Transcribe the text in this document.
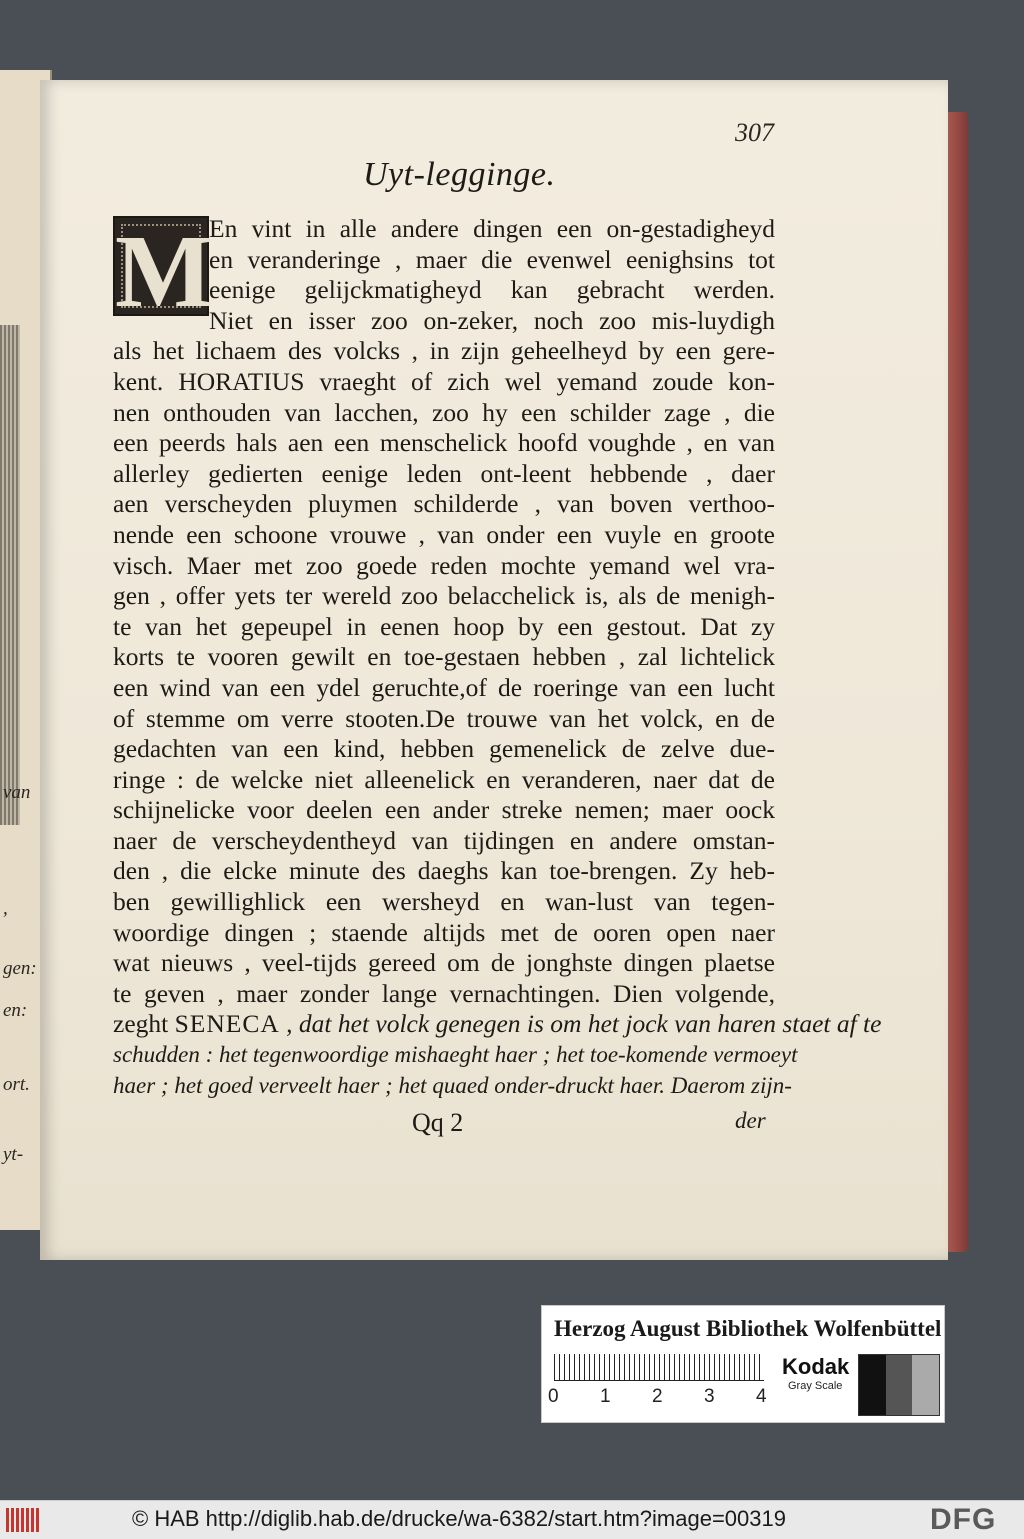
van
,
gen:
en:
ort.
yt-
307
Uyt-legginge.
M
En vint in alle andere dingen een on-gestadigheyd
en veranderinge , maer die evenwel eenighsins tot
eenige gelijckmatigheyd kan gebracht werden.
Niet en isser zoo on-zeker, noch zoo mis-luydigh
als het lichaem des volcks , in zijn geheelheyd by een gere-
kent. HORATIUS vraeght of zich wel yemand zoude kon-
nen onthouden van lacchen, zoo hy een schilder zage , die
een peerds hals aen een menschelick hoofd voughde , en van
allerley gedierten eenige leden ont-leent hebbende , daer
aen verscheyden pluymen schilderde , van boven verthoo-
nende een schoone vrouwe , van onder een vuyle en groote
visch. Maer met zoo goede reden mochte yemand wel vra-
gen , offer yets ter wereld zoo belacchelick is, als de menigh-
te van het gepeupel in eenen hoop by een gestout. Dat zy
korts te vooren gewilt en toe-gestaen hebben , zal lichtelick
een wind van een ydel geruchte,of de roeringe van een lucht
of stemme om verre stooten.De trouwe van het volck, en de
gedachten van een kind, hebben gemenelick de zelve due-
ringe : de welcke niet alleenelick en veranderen, naer dat de
schijnelicke voor deelen een ander streke nemen; maer oock
naer de verscheydentheyd van tijdingen en andere omstan-
den , die elcke minute des daeghs kan toe-brengen. Zy heb-
ben gewillighlick een wersheyd en wan-lust van tegen-
woordige dingen ; staende altijds met de ooren open naer
wat nieuws , veel-tijds gereed om de jonghste dingen plaetse
te geven , maer zonder lange vernachtingen. Dien volgende,
zeght SENECA , dat het volck genegen is om het jock van haren staet af te
schudden : het tegenwoordige mishaeght haer ; het toe-komende vermoeyt
haer ; het goed verveelt haer ; het quaed onder-druckt haer. Daerom zijn-
Qq 2	der
Herzog August Bibliothek Wolfenbüttel
0 1 2 3 4
Kodak
Gray Scale
© HAB http://diglib.hab.de/drucke/wa-6382/start.htm?image=00319	DFG
